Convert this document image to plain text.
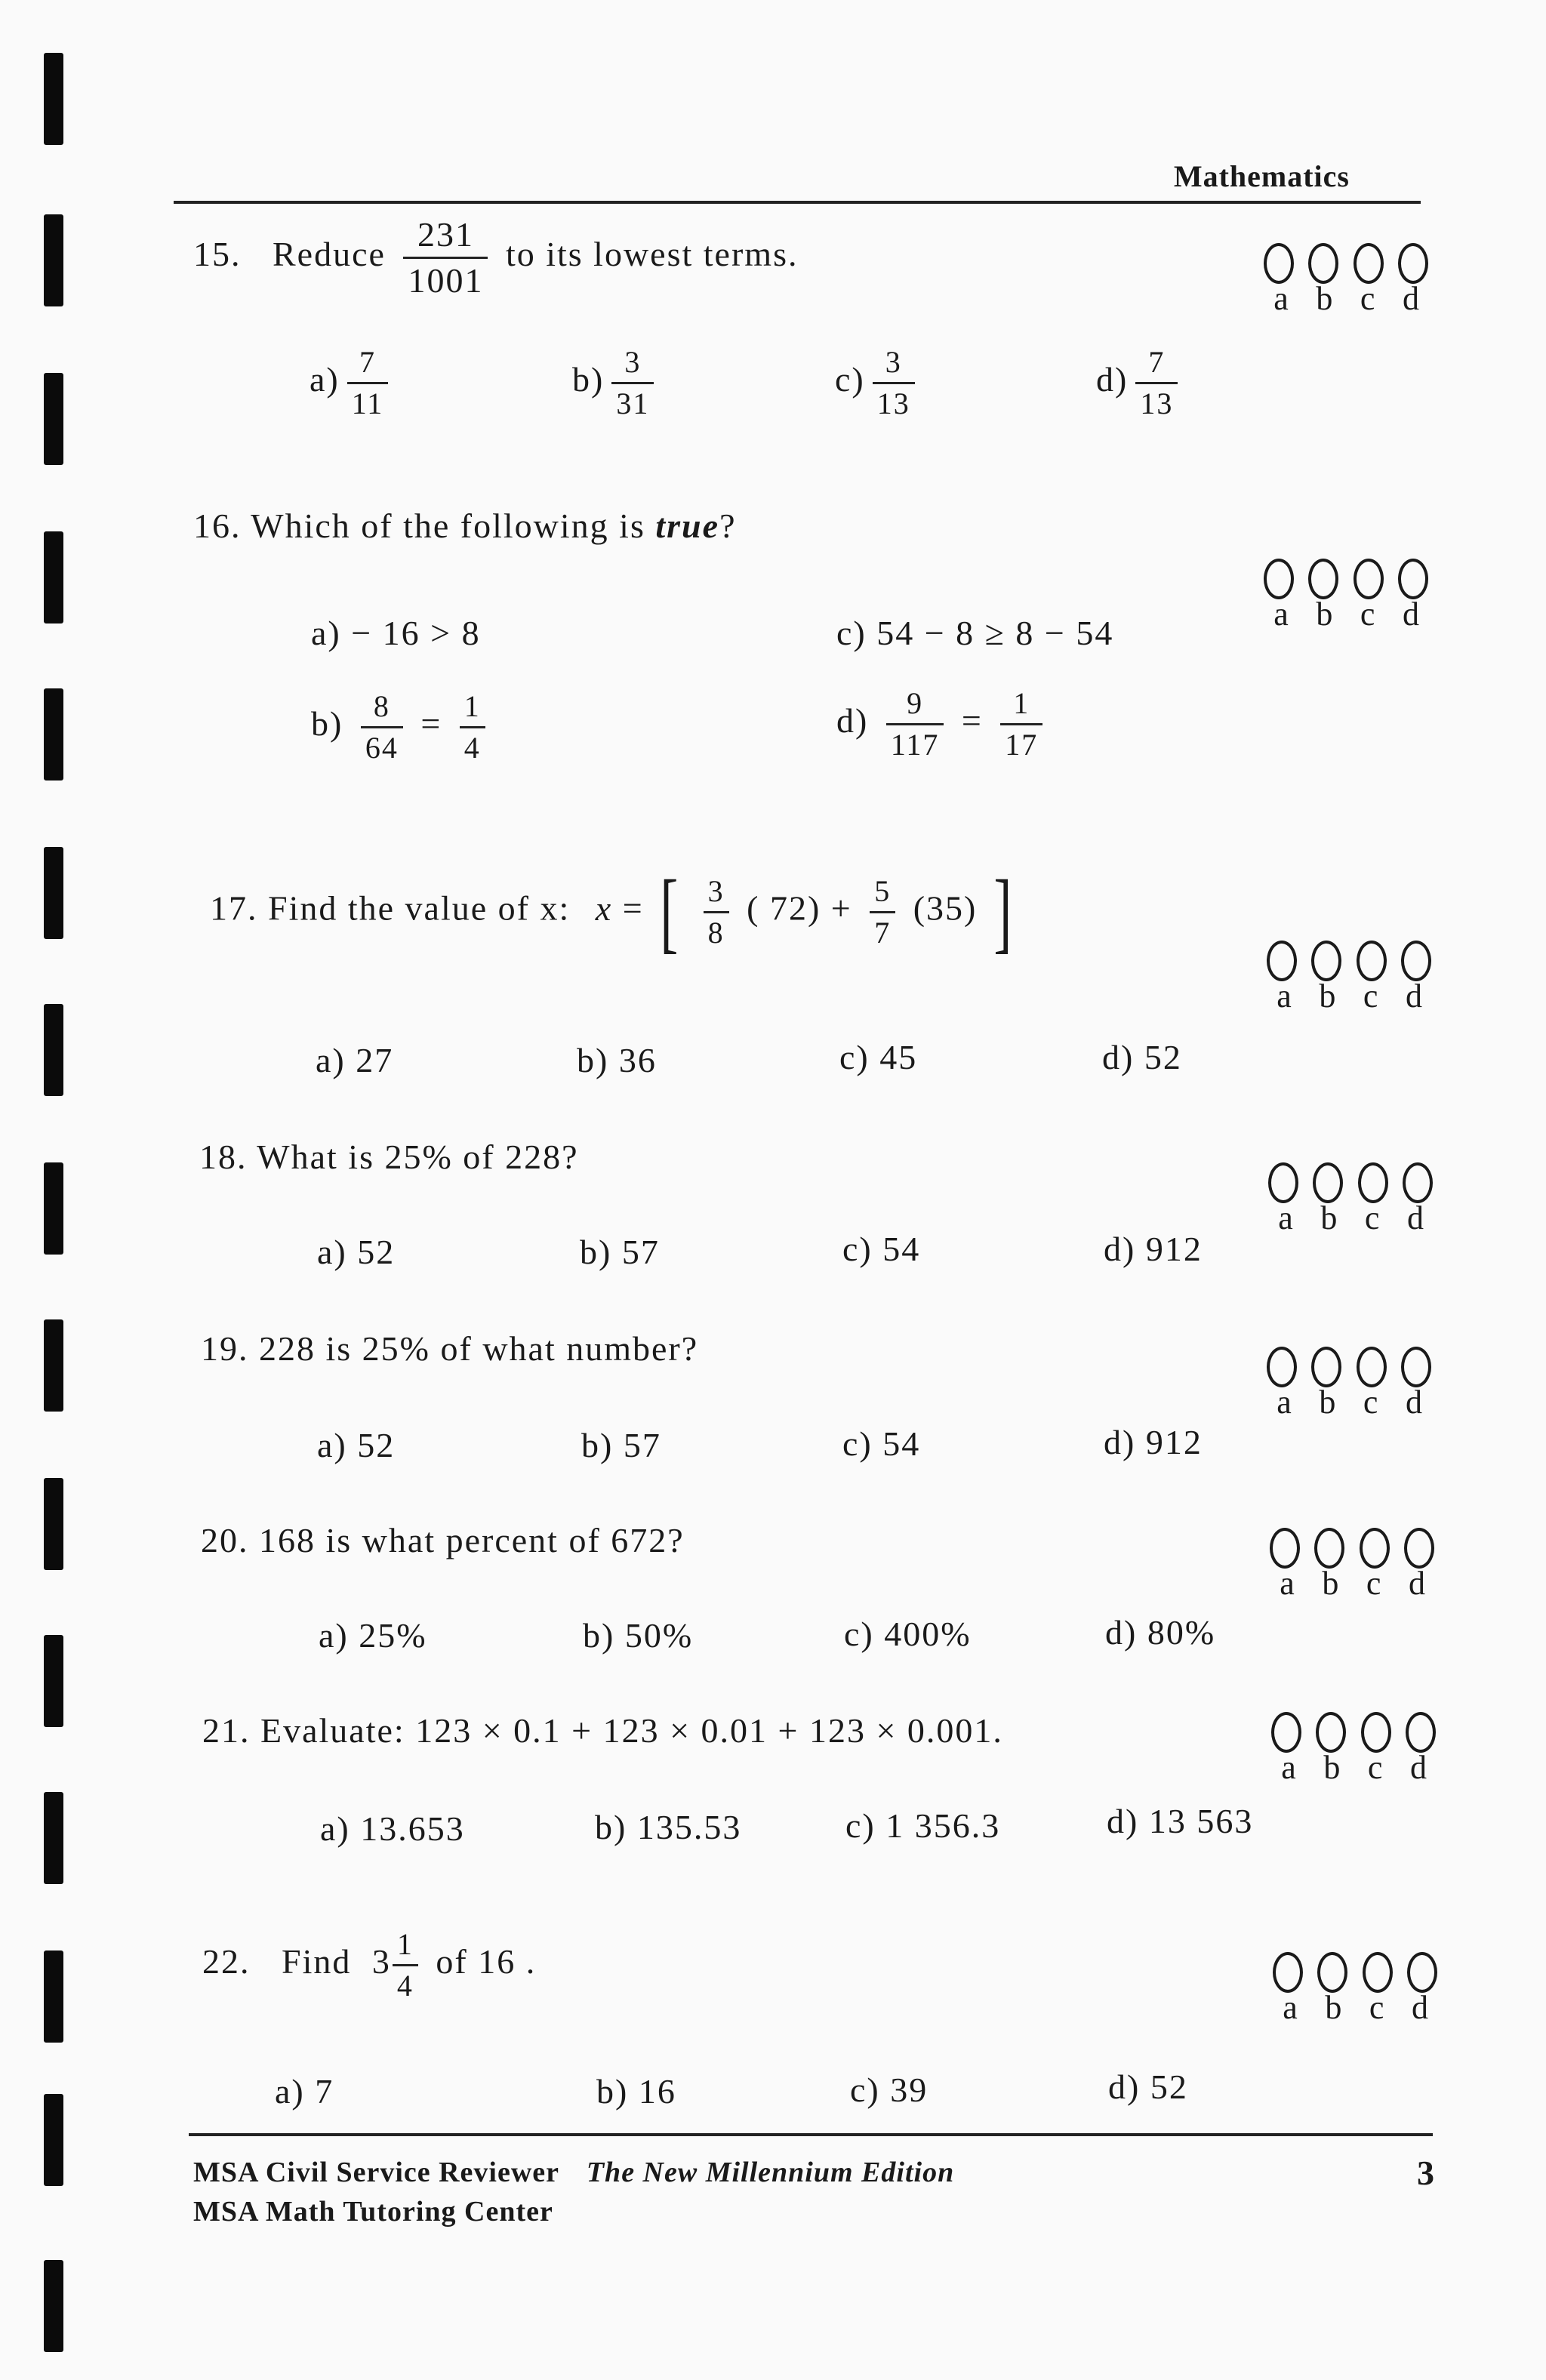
Mathematics
15. Reduce $\frac{231}{1001}$ to its lowest terms.
$a) \frac{7}{11}$	$b) \frac{3}{31}$	$c) \frac{3}{13}$	$d) \frac{7}{13}$
a b c d
16. Which of the following is true?
a) − 16 > 8	c) 54 − 8 ≥ 8 − 54
$b) \frac{8}{64} = \frac{1}{4}$	$d) \frac{9}{117} = \frac{1}{17}$
a b c d
17. Find the value of x: x = [ $\frac{3}{8}$ ( $72) + \frac{5}{7} (35)$ ]
a) 27	b) 36	c) 45	d) 52
a b c d
18. What is 25% of 228?
a) 52	b) 57	c) 54	d) 912
a b c d
19. 228 is 25% of what number?
a) 52	b) 57	c) 54	d) 912
a b c d
20. 168 is what percent of 672?
a) 25%	b) 50%	c) 400%	d) 80%
a b c d
21. Evaluate: 123 × 0.1 + 123 × 0.01 + 123 × 0.001.
a) 13.653	b) 135.53	c) 1 356.3	d) 13 563
a b c d
22. Find $3 \frac{1}{4}$ of 16 .
a) 7	b) 16	c) 39	d) 52
a b c d
MSA Civil Service Reviewer The New Millennium Edition
MSA Math Tutoring Center
3
